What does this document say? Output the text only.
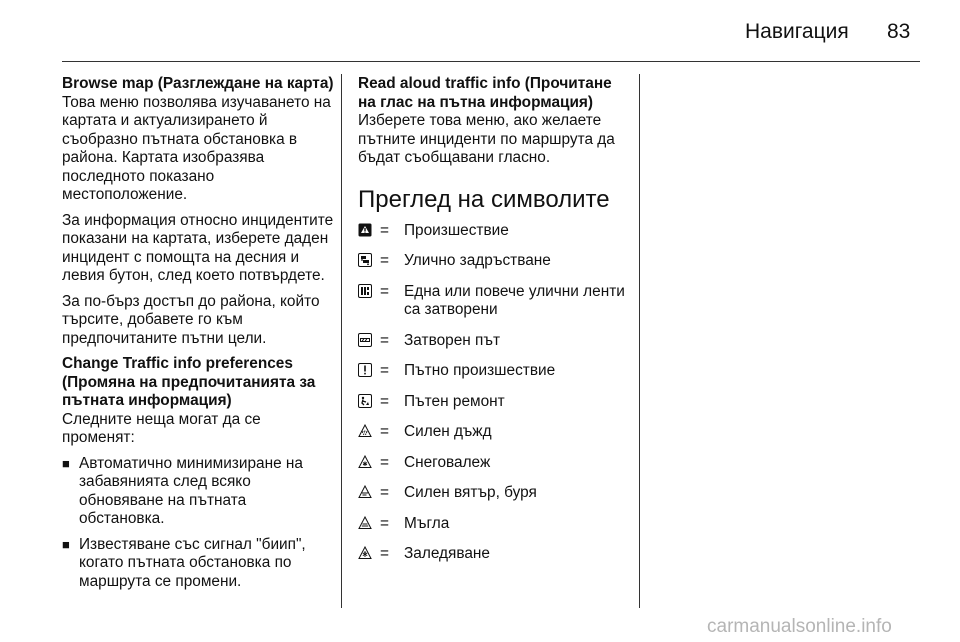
Навигация 83
Browse map (Разглеждане на карта)
Това меню позволява изучаването на картата и актуализирането й съобразно пътната обстановка в района. Картата изобразява последното показано местоположение.

За информация относно инцидентите показани на картата, изберете даден инцидент с помощта на десния и левия бутон, след което потвърдете.

За по-бърз достъп до района, който търсите, добавете го към предпочитаните пътни цели.

Change Traffic info preferences (Промяна на предпочитанията за пътната информация)
Следните неща могат да се променят:
■ Автоматично минимизиране на забавянията след всяко обновяване на пътната обстановка.
■ Известяване със сигнал "биип", когато пътната обстановка по маршрута се промени.
Read aloud traffic info (Прочитане на глас на пътна информация)
Изберете това меню, ако желаете пътните инциденти по маршрута да бъдат съобщавани гласно.
Преглед на символите
= Произшествие
= Улично задръстване
= Една или повече улични ленти са затворени
= Затворен път
= Пътно произшествие
= Пътен ремонт
= Силен дъжд
= Снеговалеж
= Силен вятър, буря
= Мъгла
= Заледяване
carmanualsonline.info
